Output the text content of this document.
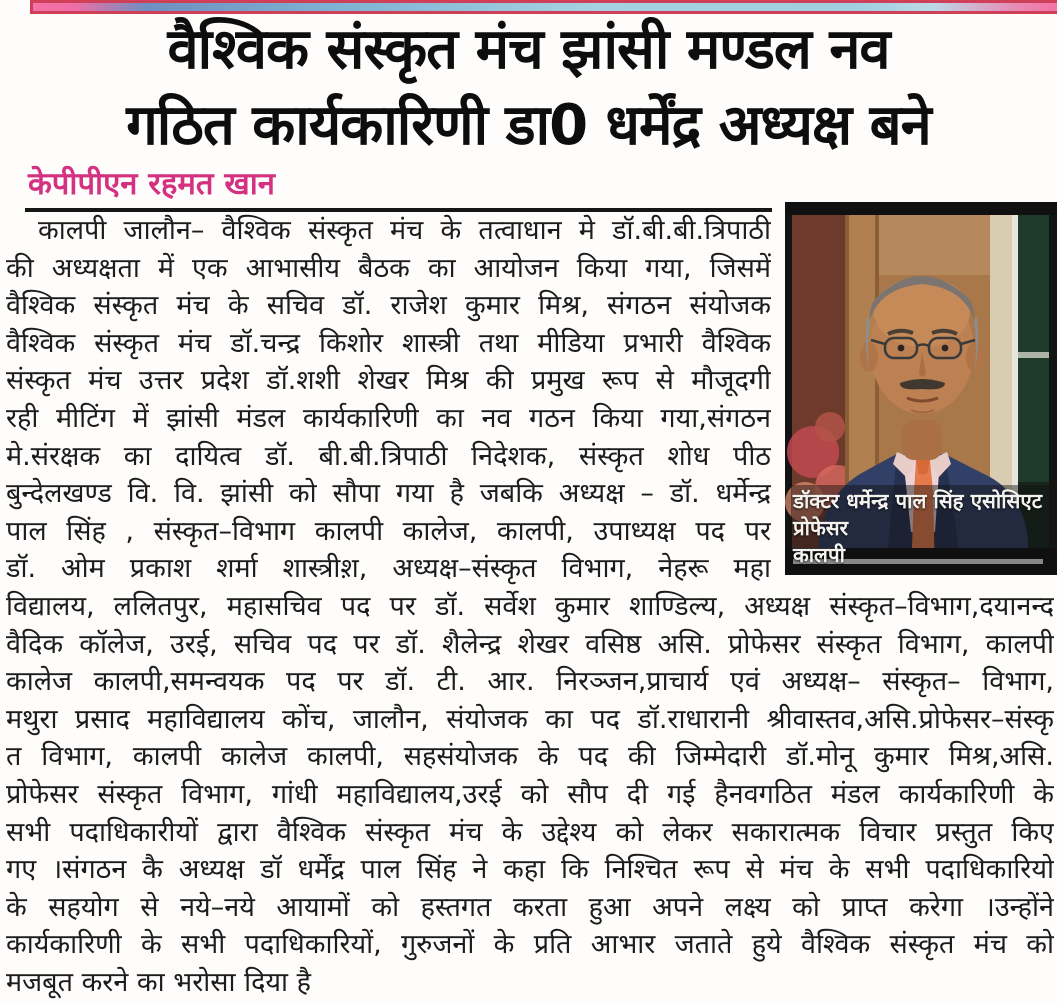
वैश्विक संस्कृत मंच झांसी मण्डल नव
गठित कार्यकारिणी डा0 धर्मेंद्र अध्यक्ष बने
केपीपीएन रहमत खान
कालपी जालौन– वैश्विक संस्कृत मंच के तत्वाधान मे डॉ.बी.बी.त्रिपाठी
की अध्यक्षता में एक आभासीय बैठक का आयोजन किया गया, जिसमें
वैश्विक संस्कृत मंच के सचिव डॉ. राजेश कुमार मिश्र, संगठन संयोजक
वैश्विक संस्कृत मंच डॉ.चन्द्र किशोर शास्त्री तथा मीडिया प्रभारी वैश्विक
संस्कृत मंच उत्तर प्रदेश डॉ.शशी शेखर मिश्र की प्रमुख रूप से मौजूदगी
रही मीटिंग में झांसी मंडल कार्यकारिणी का नव गठन किया गया,संगठन
मे.संरक्षक का दायित्व डॉ. बी.बी.त्रिपाठी निदेशक, संस्कृत शोध पीठ
बुन्देलखण्ड वि. वि. झांसी को सौपा गया है जबकि अध्यक्ष – डॉ. धर्मेन्द्र
पाल सिंह , संस्कृत–विभाग कालपी कालेज, कालपी, उपाध्यक्ष पद पर
डॉ. ओम प्रकाश शर्मा शास्त्रीश़, अध्यक्ष–संस्कृत विभाग, नेहरू महा
विद्यालय, ललितपुर, महासचिव पद पर डॉ. सर्वेश कुमार शाण्डिल्य, अध्यक्ष संस्कृत–विभाग,दयानन्द
वैदिक कॉलेज, उरई, सचिव पद पर डॉ. शैलेन्द्र शेखर वसिष्ठ असि. प्रोफेसर संस्कृत विभाग, कालपी
कालेज कालपी,समन्वयक पद पर डॉ. टी. आर. निरञ्जन,प्राचार्य एवं अध्यक्ष– संस्कृत– विभाग,
मथुरा प्रसाद महाविद्यालय कोंच, जालौन, संयोजक का पद डॉ.राधारानी श्रीवास्तव,असि.प्रोफेसर–संस्कृ
त विभाग, कालपी कालेज कालपी, सहसंयोजक के पद की जिम्मेदारी डॉ.मोनू कुमार मिश्र,असि.
प्रोफेसर संस्कृत विभाग, गांधी महाविद्यालय,उरई को सौप दी गई हैनवगठित मंडल कार्यकारिणी के
सभी पदाधिकारीयों द्वारा वैश्विक संस्कृत मंच के उद्देश्य को लेकर सकारात्मक विचार प्रस्तुत किए
गए ।संगठन कै अध्यक्ष डॉ धर्मेंद्र पाल सिंह ने कहा कि निश्चित रूप से मंच के सभी पदाधिकारियो
के सहयोग से नये–नये आयामों को हस्तगत करता हुआ अपने लक्ष्य को प्राप्त करेगा ।उन्होंने
कार्यकारिणी के सभी पदाधिकारियों, गुरुजनों के प्रति आभार जताते हुये वैश्विक संस्कृत मंच को
मजबूत करने का भरोसा दिया है
डॉक्टर धर्मेन्द्र पाल सिंह एसोसिएट प्रोफेसर
कालपी
